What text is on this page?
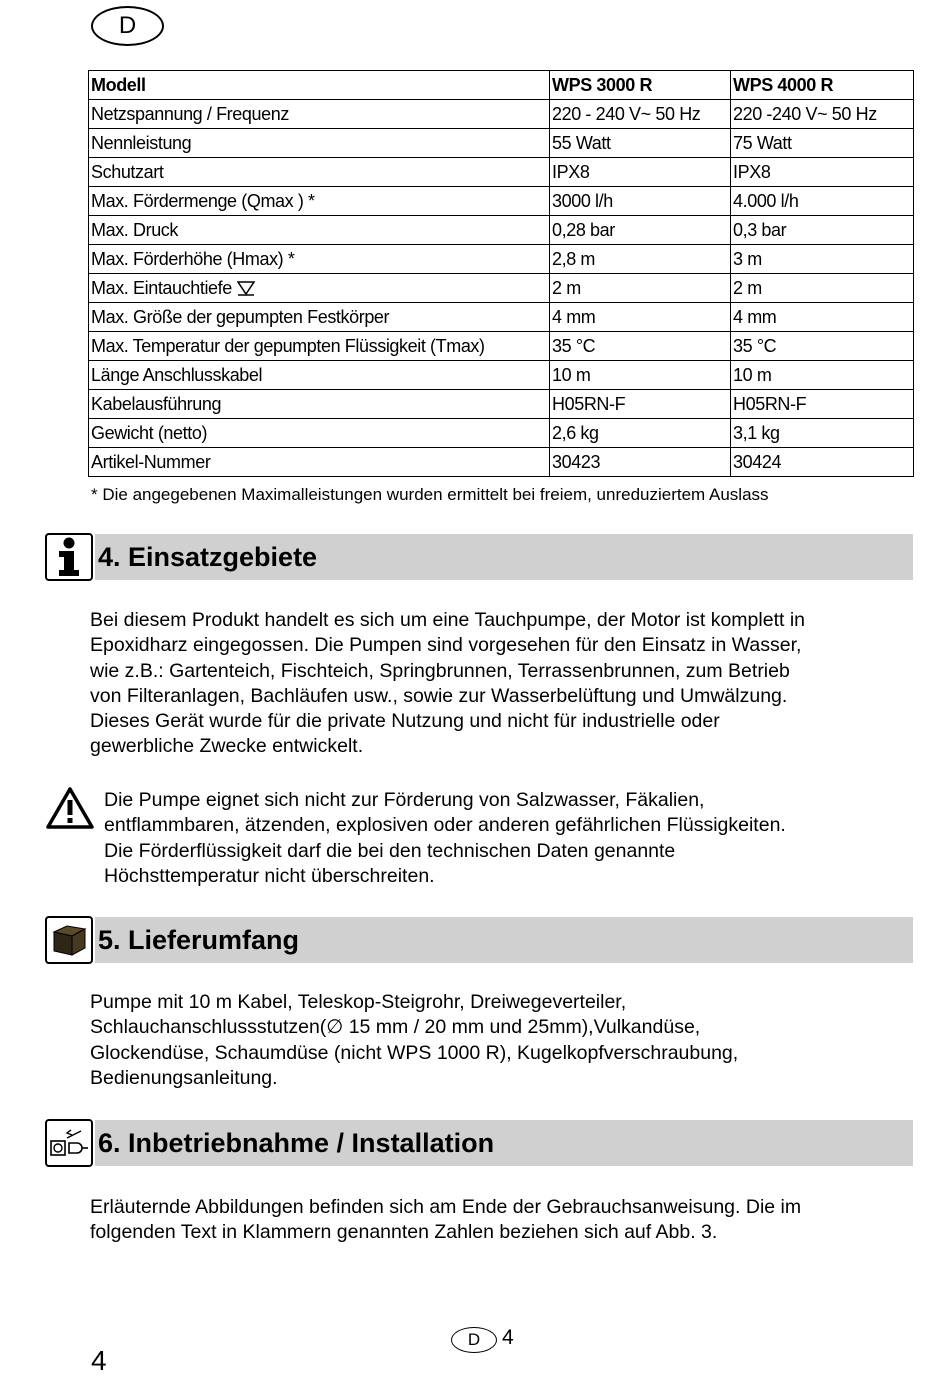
D
Modell	WPS 3000 R	WPS 4000 R
Netzspannung / Frequenz	220 - 240 V~ 50 Hz	220 -240 V~ 50 Hz
Nennleistung	55 Watt	75 Watt
Schutzart	IPX8	IPX8
Max. Fördermenge (Qmax ) *	3000 l/h	4.000 l/h
Max. Druck	0,28 bar	0,3 bar
Max. Förderhöhe (Hmax) *	2,8 m	3 m
Max. Eintauchtiefe	2 m	2 m
Max. Größe der gepumpten Festkörper	4 mm	4 mm
Max. Temperatur der gepumpten Flüssigkeit (Tmax)	35 °C	35 °C
Länge Anschlusskabel	10 m	10 m
Kabelausführung	H05RN-F	H05RN-F
Gewicht (netto)	2,6 kg	3,1 kg
Artikel-Nummer	30423	30424
* Die angegebenen Maximalleistungen wurden ermittelt bei freiem, unreduziertem Auslass
4. Einsatzgebiete
Bei diesem Produkt handelt es sich um eine Tauchpumpe, der Motor ist komplett in
Epoxidharz eingegossen. Die Pumpen sind vorgesehen für den Einsatz in Wasser,
wie z.B.: Gartenteich, Fischteich, Springbrunnen, Terrassenbrunnen, zum Betrieb
von Filteranlagen, Bachläufen usw., sowie zur Wasserbelüftung und Umwälzung.
Dieses Gerät wurde für die private Nutzung und nicht für industrielle oder
gewerbliche Zwecke entwickelt.
Die Pumpe eignet sich nicht zur Förderung von Salzwasser, Fäkalien,
entflammbaren, ätzenden, explosiven oder anderen gefährlichen Flüssigkeiten.
Die Förderflüssigkeit darf die bei den technischen Daten genannte
Höchsttemperatur nicht überschreiten.
5. Lieferumfang
Pumpe mit 10 m Kabel, Teleskop-Steigrohr, Dreiwegeverteiler,
Schlauchanschlussstutzen(∅ 15 mm / 20 mm und 25mm),Vulkandüse,
Glockendüse, Schaumdüse (nicht WPS 1000 R), Kugelkopfverschraubung,
Bedienungsanleitung.
6. Inbetriebnahme / Installation
Erläuternde Abbildungen befinden sich am Ende der Gebrauchsanweisung. Die im
folgenden Text in Klammern genannten Zahlen beziehen sich auf Abb. 3.
D 4
4
